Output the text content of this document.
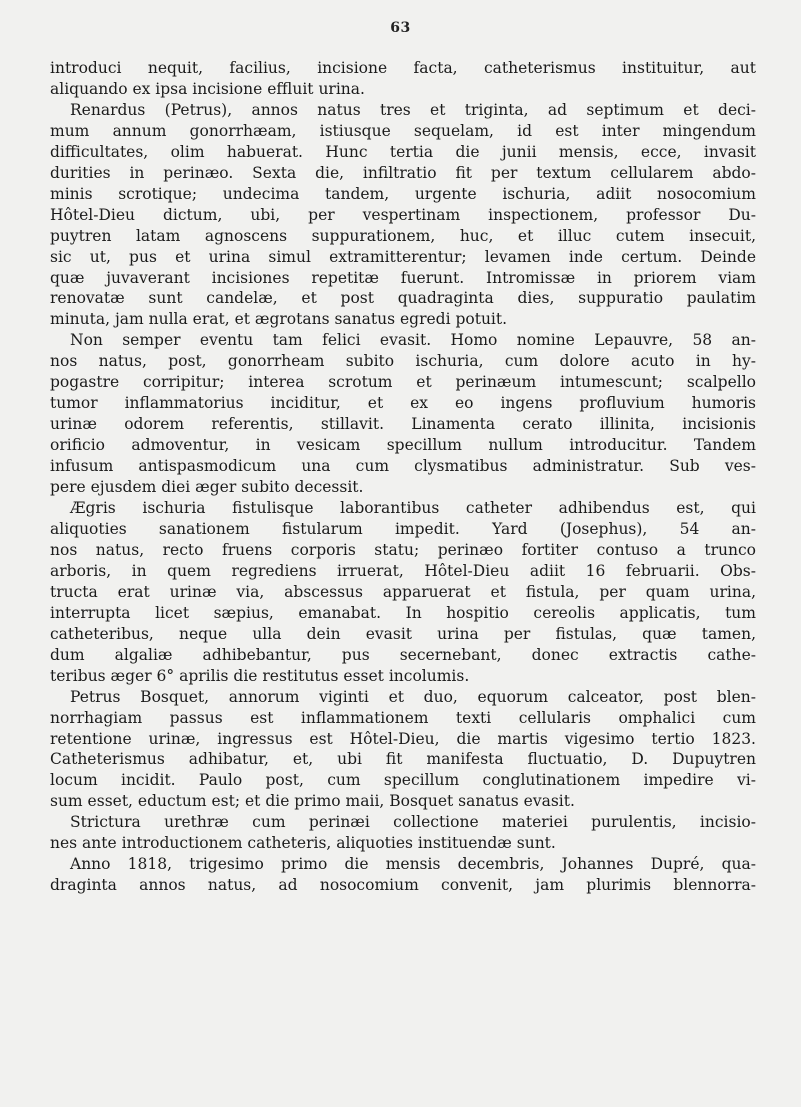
63
introduci nequit, facilius, incisione facta, catheterismus instituitur, aut
aliquando ex ipsa incisione effluit urina.
Renardus (Petrus), annos natus tres et triginta, ad septimum et deci-
mum annum gonorrhæam, istiusque sequelam, id est inter mingendum
difficultates, olim habuerat. Hunc tertia die junii mensis, ecce, invasit
durities in perinæo. Sexta die, infiltratio fit per textum cellularem abdo-
minis scrotique; undecima tandem, urgente ischuria, adiit nosocomium
Hôtel-Dieu dictum, ubi, per vespertinam inspectionem, professor Du-
puytren latam agnoscens suppurationem, huc, et illuc cutem insecuit,
sic ut, pus et urina simul extramitterentur; levamen inde certum. Deinde
quæ juvaverant incisiones repetitæ fuerunt. Intromissæ in priorem viam
renovatæ sunt candelæ, et post quadraginta dies, suppuratio paulatim
minuta, jam nulla erat, et ægrotans sanatus egredi potuit.
Non semper eventu tam felici evasit. Homo nomine Lepauvre, 58 an-
nos natus, post, gonorrheam subito ischuria, cum dolore acuto in hy-
pogastre corripitur; interea scrotum et perinæum intumescunt; scalpello
tumor inflammatorius inciditur, et ex eo ingens profluvium humoris
urinæ odorem referentis, stillavit. Linamenta cerato illinita, incisionis
orificio admoventur, in vesicam specillum nullum introducitur. Tandem
infusum antispasmodicum una cum clysmatibus administratur. Sub ves-
pere ejusdem diei æger subito decessit.
Ægris ischuria fistulisque laborantibus catheter adhibendus est, qui
aliquoties sanationem fistularum impedit. Yard (Josephus), 54 an-
nos natus, recto fruens corporis statu; perinæo fortiter contuso a trunco
arboris, in quem regrediens irruerat, Hôtel-Dieu adiit 16 februarii. Obs-
tructa erat urinæ via, abscessus apparuerat et fistula, per quam urina,
interrupta licet sæpius, emanabat. In hospitio cereolis applicatis, tum
catheteribus, neque ulla dein evasit urina per fistulas, quæ tamen,
dum algaliæ adhibebantur, pus secernebant, donec extractis cathe-
teribus æger 6° aprilis die restitutus esset incolumis.
Petrus Bosquet, annorum viginti et duo, equorum calceator, post blen-
norrhagiam passus est inflammationem texti cellularis omphalici cum
retentione urinæ, ingressus est Hôtel-Dieu, die martis vigesimo tertio 1823.
Catheterismus adhibatur, et, ubi fit manifesta fluctuatio, D. Dupuytren
locum incidit. Paulo post, cum specillum conglutinationem impedire vi-
sum esset, eductum est; et die primo maii, Bosquet sanatus evasit.
Strictura urethræ cum perinæi collectione materiei purulentis, incisio-
nes ante introductionem catheteris, aliquoties instituendæ sunt.
Anno 1818, trigesimo primo die mensis decembris, Johannes Dupré, qua-
draginta annos natus, ad nosocomium convenit, jam plurimis blennorra-
